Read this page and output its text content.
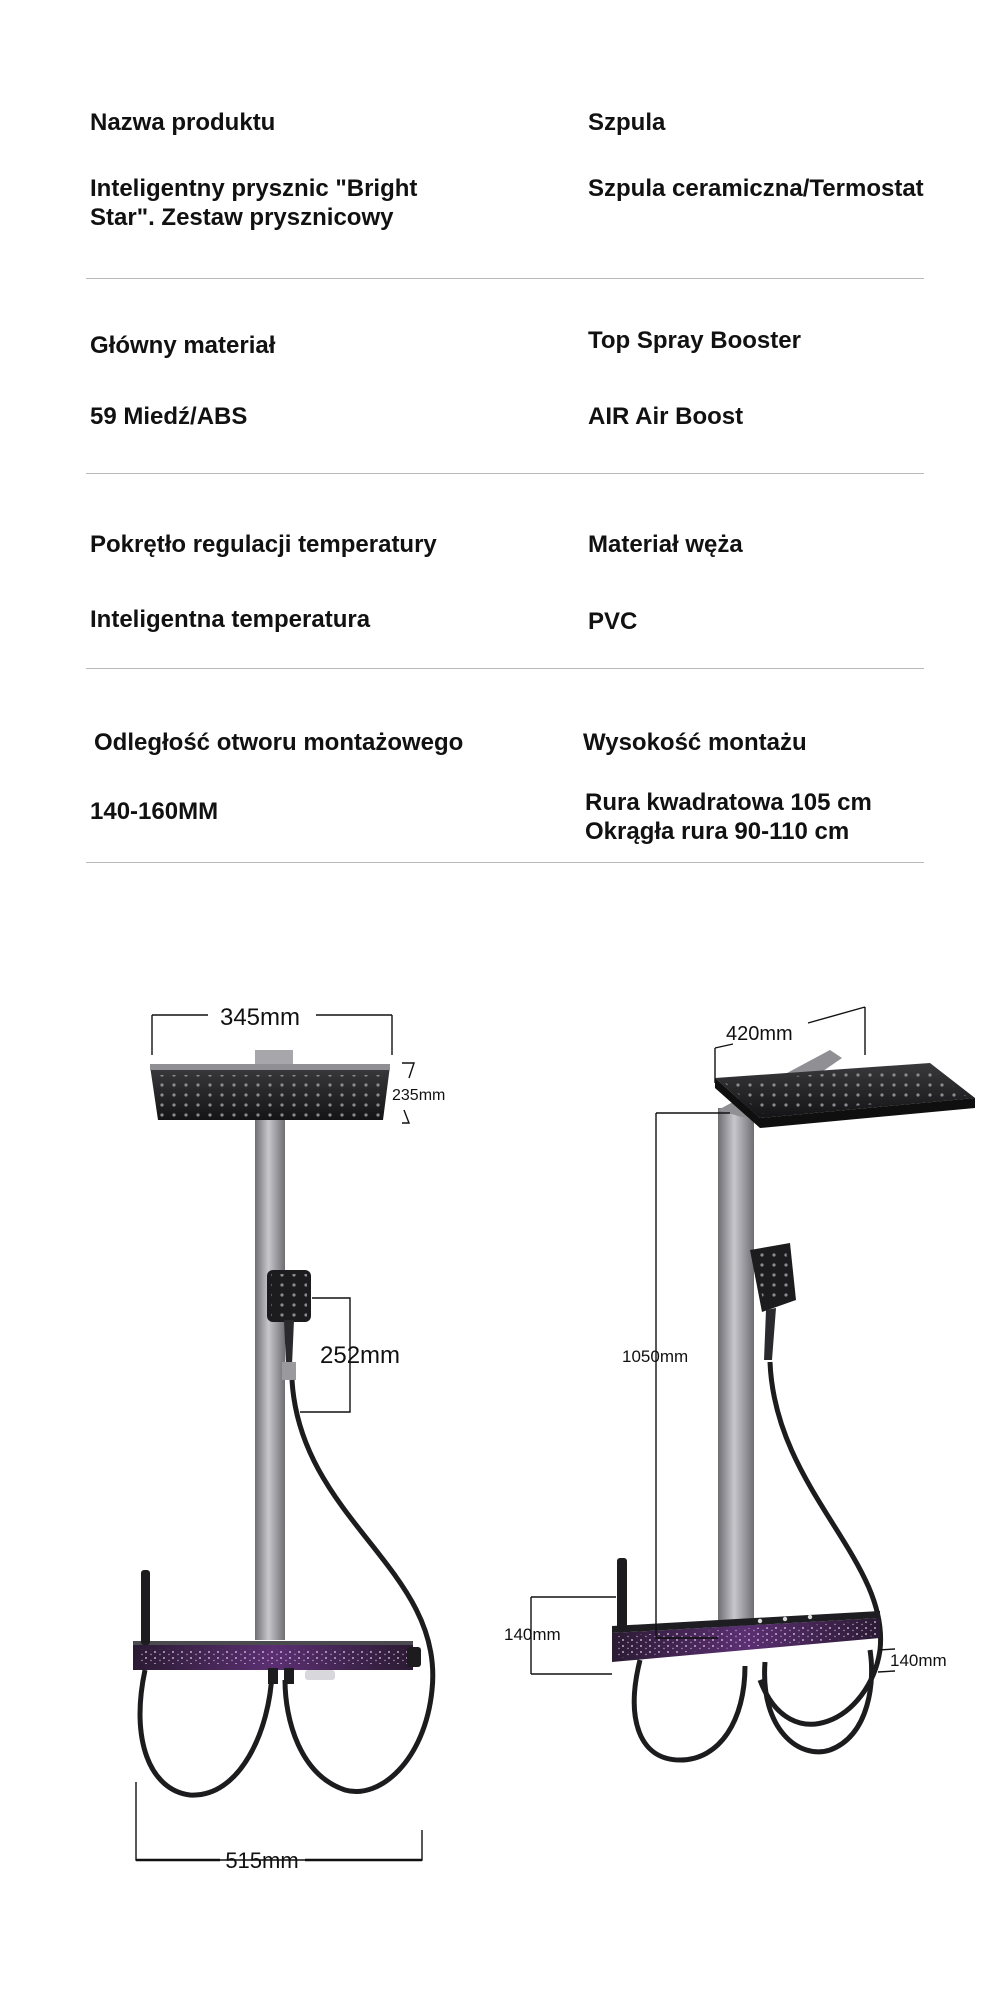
Nazwa produktu
Inteligentny prysznic "Bright
Star". Zestaw prysznicowy
Szpula
Szpula ceramiczna/Termostat
Główny materiał
59 Miedź/ABS
Top Spray Booster
AIR Air Boost
Pokrętło regulacji temperatury
Inteligentna temperatura
Materiał węża
PVC
Odległość otworu montażowego
140-160MM
Wysokość montażu
Rura kwadratowa 105 cm
Okrągła rura 90-110 cm
345mm
235mm
252mm
515mm
420mm
1050mm
140mm
140mm
